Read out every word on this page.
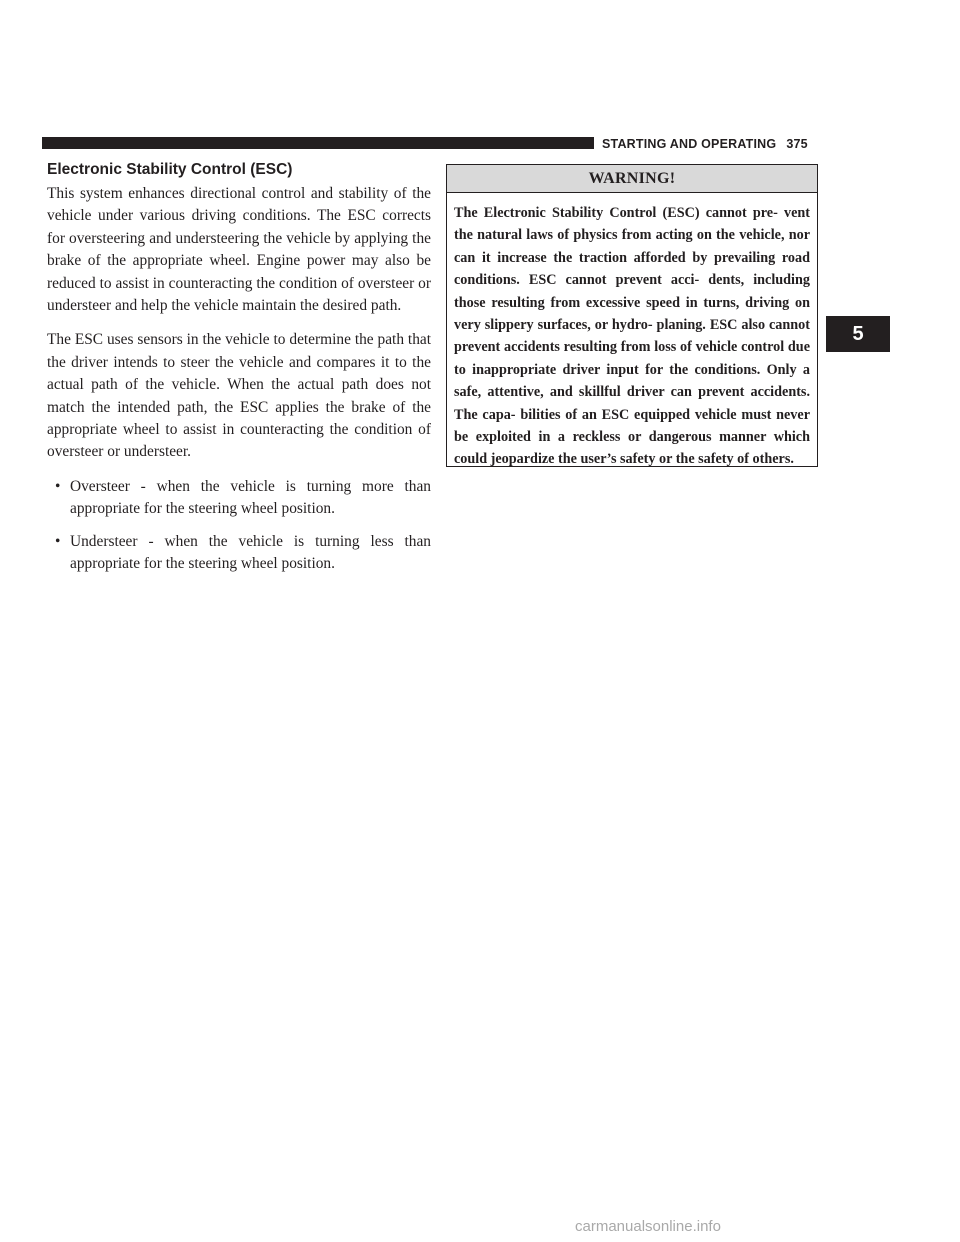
STARTING AND OPERATING 375
5
Electronic Stability Control (ESC)

This system enhances directional control and stability of the vehicle under various driving conditions. The ESC corrects for oversteering and understeering the vehicle by applying the brake of the appropriate wheel. Engine power may also be reduced to assist in counteracting the condition of oversteer or understeer and help the vehicle maintain the desired path.

The ESC uses sensors in the vehicle to determine the path that the driver intends to steer the vehicle and compares it to the actual path of the vehicle. When the actual path does not match the intended path, the ESC applies the brake of the appropriate wheel to assist in counteracting the condition of oversteer or understeer.

• Oversteer - when the vehicle is turning more than appropriate for the steering wheel position.
• Understeer - when the vehicle is turning less than appropriate for the steering wheel position.
WARNING!
The Electronic Stability Control (ESC) cannot pre- vent the natural laws of physics from acting on the vehicle, nor can it increase the traction afforded by prevailing road conditions. ESC cannot prevent acci- dents, including those resulting from excessive speed in turns, driving on very slippery surfaces, or hydro- planing. ESC also cannot prevent accidents resulting from loss of vehicle control due to inappropriate driver input for the conditions. Only a safe, attentive, and skillful driver can prevent accidents. The capa- bilities of an ESC equipped vehicle must never be exploited in a reckless or dangerous manner which could jeopardize the user’s safety or the safety of others.
carmanualsonline.info
